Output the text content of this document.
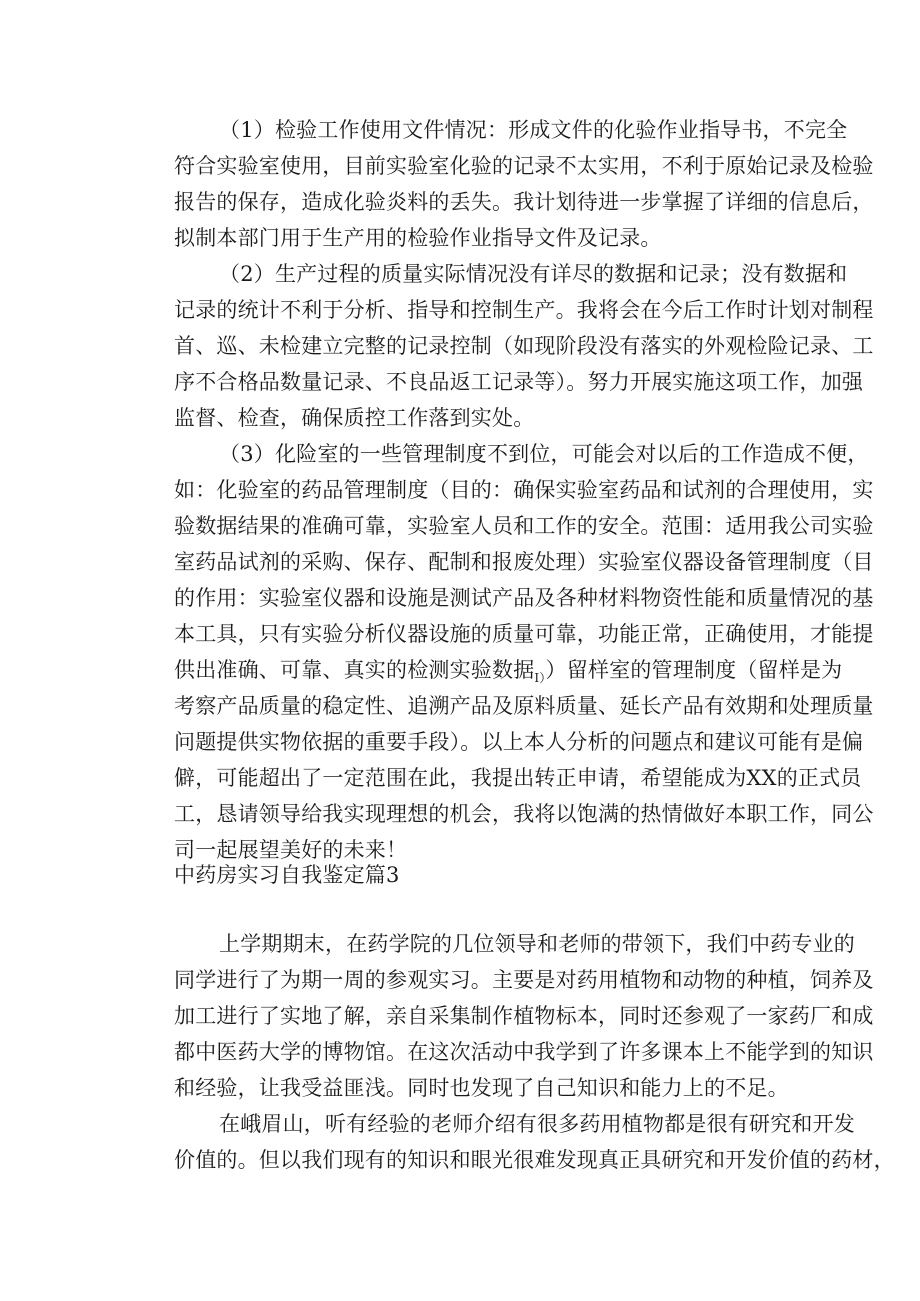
（1）检验工作使用文件情况：形成文件的化验作业指导书，不完全
符合实验室使用，目前实验室化验的记录不太实用，不利于原始记录及检验
报告的保存，造成化验炎料的丢失。我计划待进一步掌握了详细的信息后，
拟制本部门用于生产用的检验作业指导文件及记录。
（2）生产过程的质量实际情况没有详尽的数据和记录；没有数据和
记录的统计不利于分析、指导和控制生产。我将会在今后工作时计划对制程
首、巡、未检建立完整的记录控制（如现阶段没有落实的外观检险记录、工
序不合格品数量记录、不良品返工记录等）。努力开展实施这项工作，加强
监督、检查，确保质控工作落到实处。
（3）化险室的一些管理制度不到位，可能会对以后的工作造成不便，
如：化验室的药品管理制度（目的：确保实验室药品和试剂的合理使用，实
验数据结果的准确可靠，实验室人员和工作的安全。范围：适用我公司实验
室药品试剂的采购、保存、配制和报废处理）实验室仪器设备管理制度（目
的作用：实验室仪器和设施是测试产品及各种材料物资性能和质量情况的基
本工具，只有实验分析仪器设施的质量可靠，功能正常，正确使用，才能提
供出准确、可靠、真实的检测实验数据$_{I)}$）留样室的管理制度（留样是为
考察产品质量的稳定性、追溯产品及原料质量、延长产品有效期和处理质量
问题提供实物依据的重要手段）。以上本人分析的问题点和建议可能有是偏
僻，可能超出了一定范围在此，我提出转正申请，希望能成为XX的正式员
工，恳请领导给我实现理想的机会，我将以饱满的热情做好本职工作，同公
司一起展望美好的未来！
中药房实习自我鉴定篇3
上学期期末，在药学院的几位领导和老师的带领下，我们中药专业的
同学进行了为期一周的参观实习。主要是对药用植物和动物的种植，饲养及
加工进行了实地了解，亲自采集制作植物标本，同时还参观了一家药厂和成
都中医药大学的博物馆。在这次活动中我学到了许多课本上不能学到的知识
和经验，让我受益匪浅。同时也发现了自己知识和能力上的不足。
在峨眉山，听有经验的老师介绍有很多药用植物都是很有研究和开发
价值的。但以我们现有的知识和眼光很难发现真正具研究和开发价值的药材，
